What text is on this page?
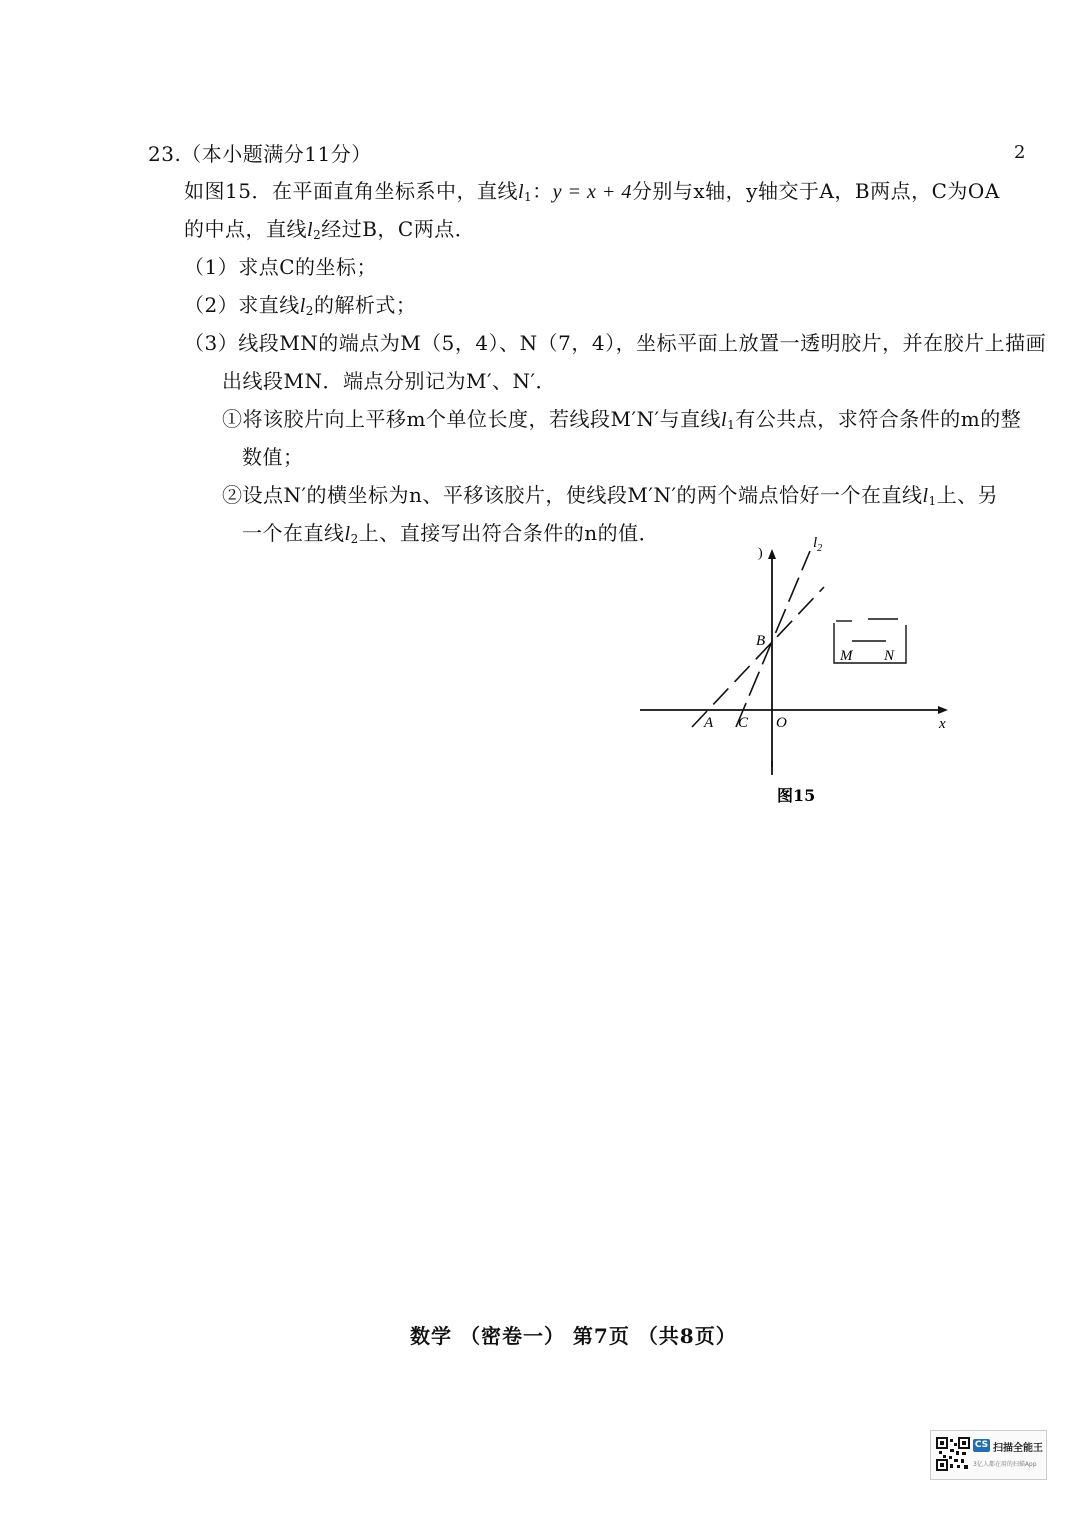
23.（本小题满分11分）	2
如图15．在平面直角坐标系中，直线$l_1$：y = x + 4分别与x轴，y轴交于A，B两点，C为OA
的中点，直线$l_2$经过B，C两点．
（1）求点C的坐标；
（2）求直线$l_2$的解析式；
（3）线段MN的端点为M（5，4）、N（7，4），坐标平面上放置一透明胶片，并在胶片上描画
出线段MN．端点分别记为M′、N′．
①将该胶片向上平移m个单位长度，若线段M′N′与直线$l_1$有公共点，求符合条件的m的整
数值；
②设点N′的横坐标为n、平移该胶片，使线段M′N′的两个端点恰好一个在直线$l_1$上、另
一个在直线$l_2$上、直接写出符合条件的n的值．
)
x
$l_2$
B
A C O
M N
图15
数学 （密卷一） 第7页 （共8页）
CS 扫描全能王
3亿人都在用的扫描App
